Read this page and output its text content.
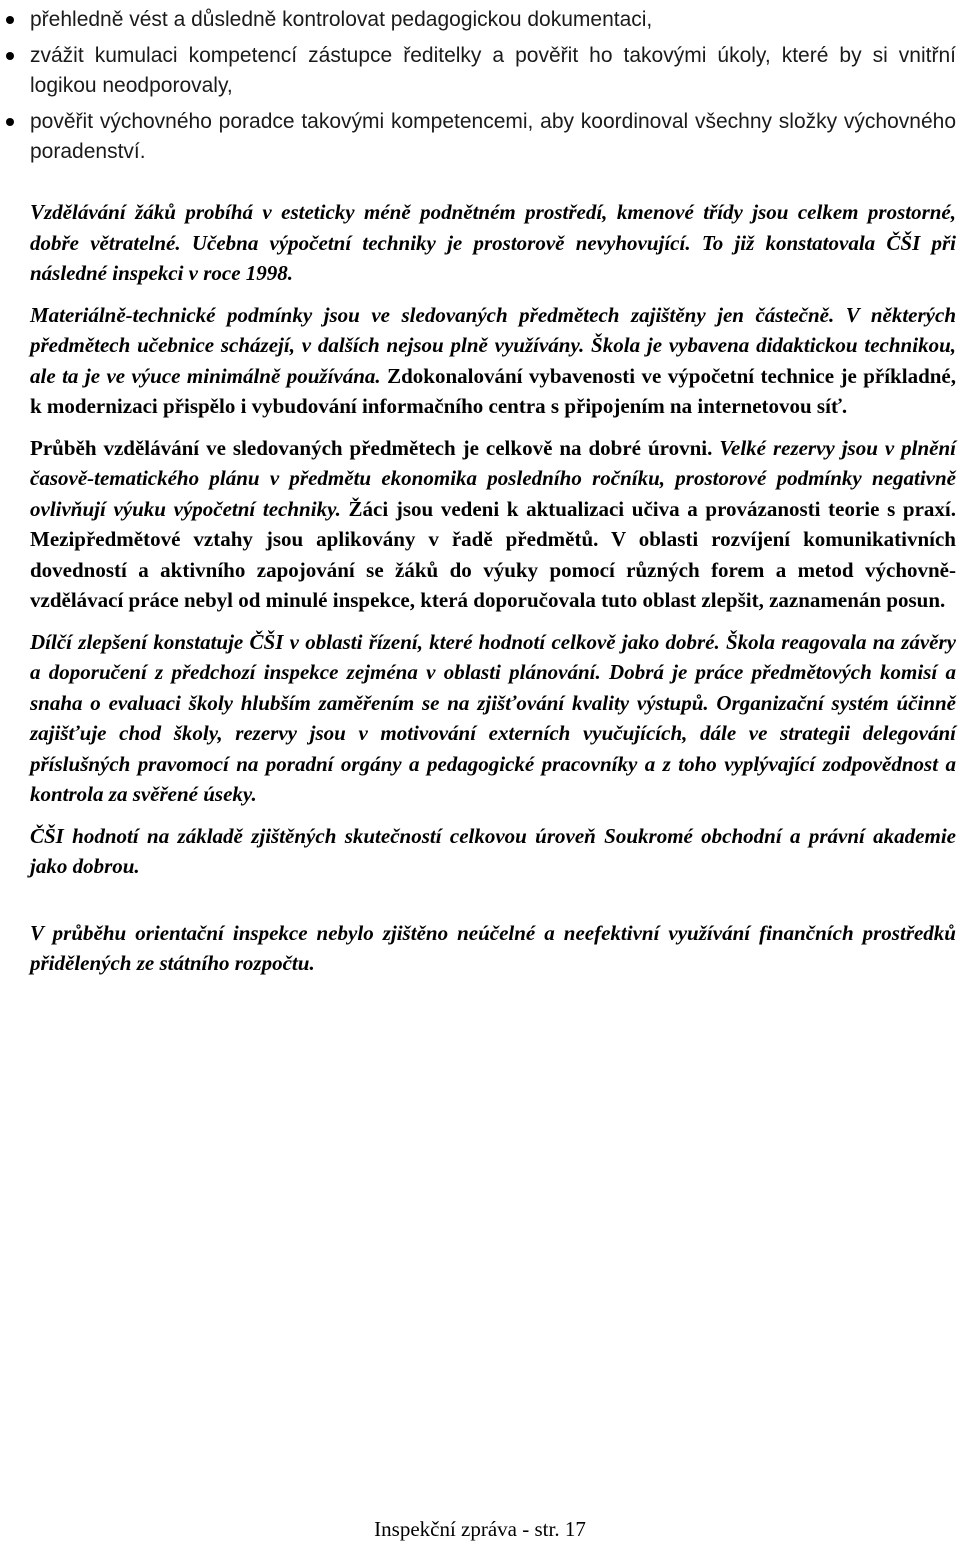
přehledně vést a důsledně kontrolovat pedagogickou dokumentaci,
zvážit kumulaci kompetencí zástupce ředitelky a pověřit ho takovými úkoly, které by si vnitřní logikou neodporovaly,
pověřit výchovného poradce takovými kompetencemi, aby koordinoval všechny složky výchovného poradenství.

Vzdělávání žáků probíhá v esteticky méně podnětném prostředí, kmenové třídy jsou celkem prostorné, dobře větratelné. Učebna výpočetní techniky je prostorově nevyhovující. To již konstatovala ČŠI při následné inspekci v roce 1998.

Materiálně-technické podmínky jsou ve sledovaných předmětech zajištěny jen částečně. V některých předmětech učebnice scházejí, v dalších nejsou plně využívány. Škola je vybavena didaktickou technikou, ale ta je ve výuce minimálně používána. Zdokonalování vybavenosti ve výpočetní technice je příkladné, k modernizaci přispělo i vybudování informačního centra s připojením na internetovou síť.

Průběh vzdělávání ve sledovaných předmětech je celkově na dobré úrovni. Velké rezervy jsou v plnění časově-tematického plánu v předmětu ekonomika posledního ročníku, prostorové podmínky negativně ovlivňují výuku výpočetní techniky. Žáci jsou vedeni k aktualizaci učiva a provázanosti teorie s praxí. Mezipředmětové vztahy jsou aplikovány v řadě předmětů. V oblasti rozvíjení komunikativních dovedností a aktivního zapojování se žáků do výuky pomocí různých forem a metod výchovně-vzdělávací práce nebyl od minulé inspekce, která doporučovala tuto oblast zlepšit, zaznamenán posun.

Dílčí zlepšení konstatuje ČŠI v oblasti řízení, které hodnotí celkově jako dobré. Škola reagovala na závěry a doporučení z předchozí inspekce zejména v oblasti plánování. Dobrá je práce předmětových komisí a snaha o evaluaci školy hlubším zaměřením se na zjišťování kvality výstupů. Organizační systém účinně zajišťuje chod školy, rezervy jsou v motivování externích vyučujících, dále ve strategii delegování příslušných pravomocí na poradní orgány a pedagogické pracovníky a z toho vyplývající zodpovědnost a kontrola za svěřené úseky.

ČŠI hodnotí na základě zjištěných skutečností celkovou úroveň Soukromé obchodní a právní akademie jako dobrou.

V průběhu orientační inspekce nebylo zjištěno neúčelné a neefektivní využívání finančních prostředků přidělených ze státního rozpočtu.

Inspekční zpráva - str. 17
